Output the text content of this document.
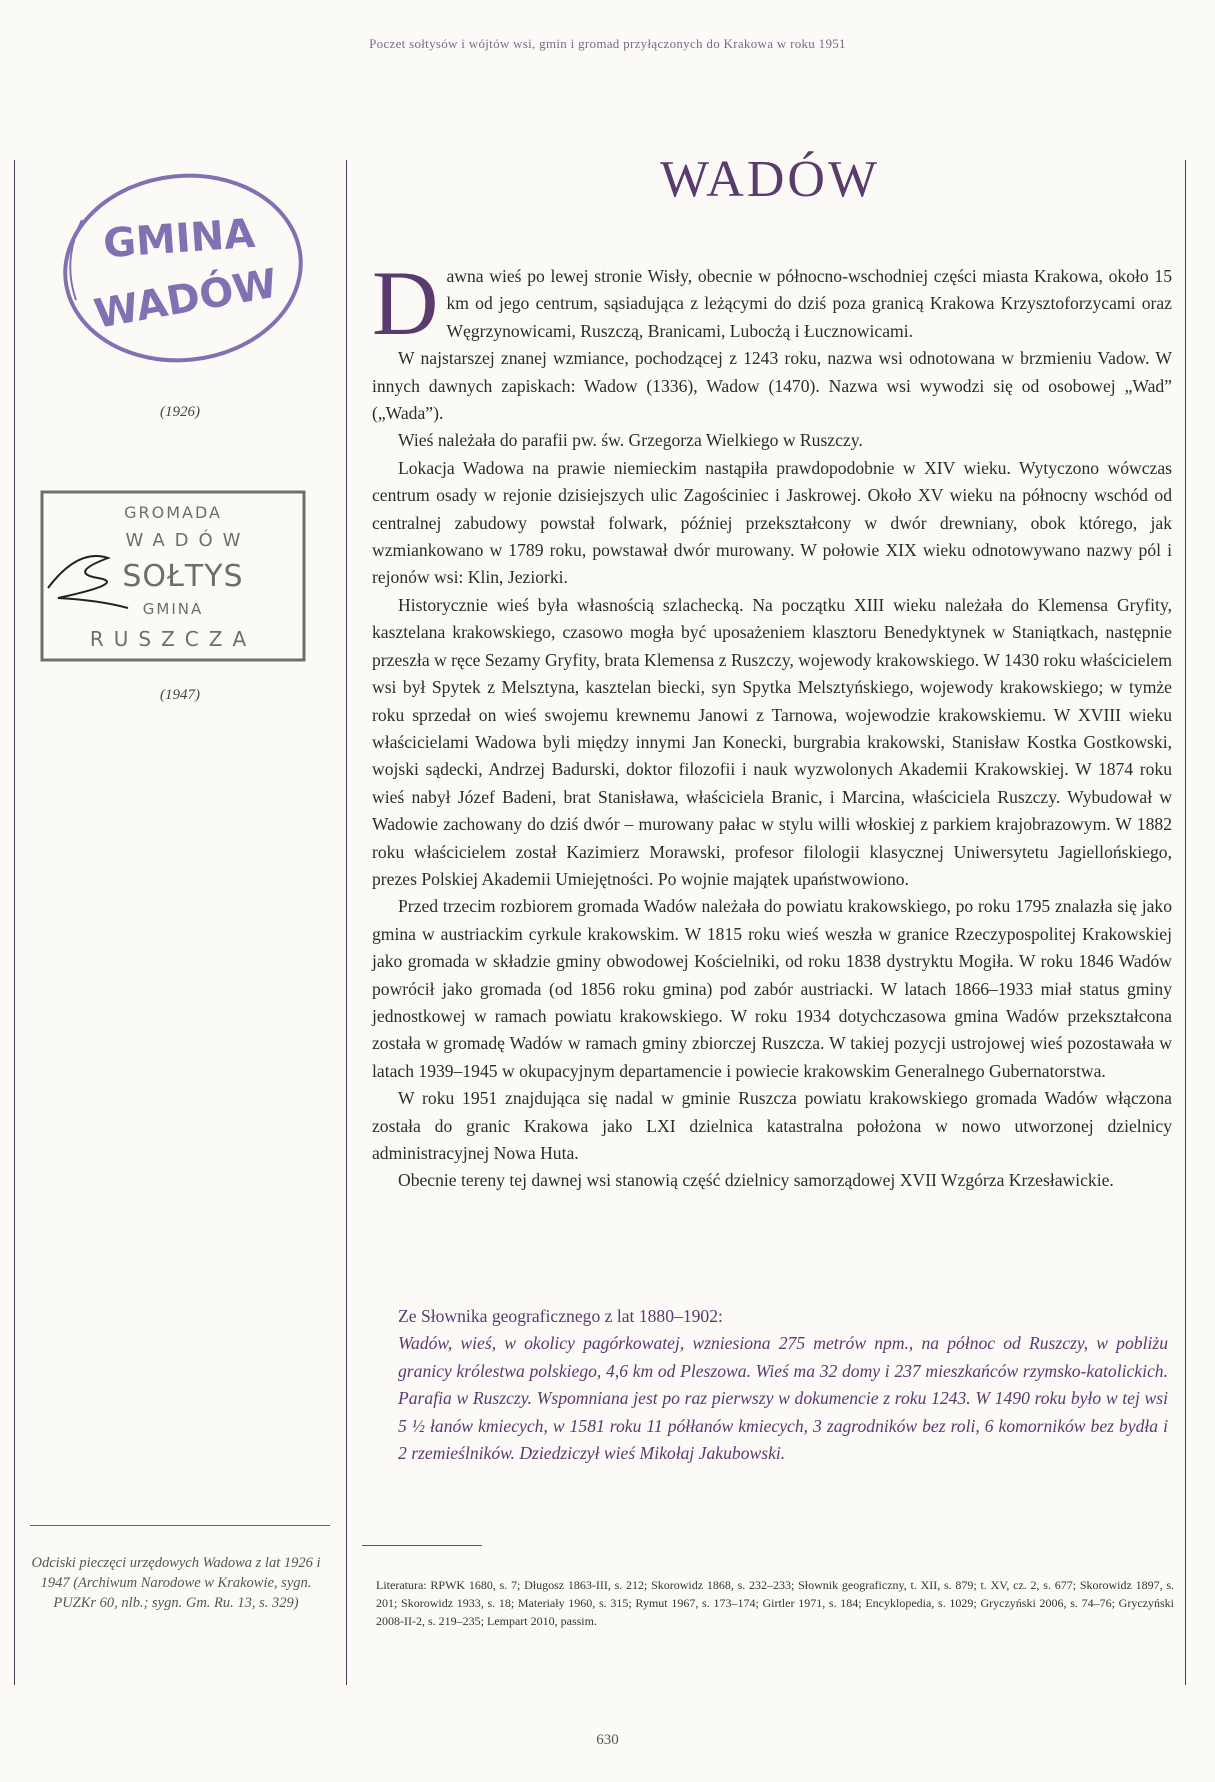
Poczet sołtysów i wójtów wsi, gmin i gromad przyłączonych do Krakowa w roku 1951
GMINA
WADÓW
(1926)
GROMADA
WADÓW
SOŁTYS
GMINA
RUSZCZA
(1947)
Odciski pieczęci urzędowych Wadowa z lat 1926 i 1947 (Archiwum Narodowe w Krakowie, sygn. PUZKr 60, nlb.; sygn. Gm. Ru. 13, s. 329)
WADÓW

Dawna wieś po lewej stronie Wisły, obecnie w północno-wschodniej części miasta Krakowa, około 15 km od jego centrum, sąsiadująca z leżącymi do dziś poza granicą Krakowa Krzysztoforzycami oraz Węgrzynowicami, Ruszczą, Branicami, Lubocżą i Łucznowicami.

W najstarszej znanej wzmiance, pochodzącej z 1243 roku, nazwa wsi odnotowana w brzmieniu Vadow. W innych dawnych zapiskach: Wadow (1336), Wadow (1470). Nazwa wsi wywodzi się od osobowej „Wad” („Wada”).

Wieś należała do parafii pw. św. Grzegorza Wielkiego w Ruszczy.

Lokacja Wadowa na prawie niemieckim nastąpiła prawdopodobnie w XIV wieku. Wytyczono wówczas centrum osady w rejonie dzisiejszych ulic Zagościniec i Jaskrowej. Około XV wieku na północny wschód od centralnej zabudowy powstał folwark, później przekształcony w dwór drewniany, obok którego, jak wzmiankowano w 1789 roku, powstawał dwór murowany. W połowie XIX wieku odnotowywano nazwy pól i rejonów wsi: Klin, Jeziorki.

Historycznie wieś była własnością szlachecką. Na początku XIII wieku należała do Klemensa Gryfity, kasztelana krakowskiego, czasowo mogła być uposażeniem klasztoru Benedyktynek w Staniątkach, następnie przeszła w ręce Sezamy Gryfity, brata Klemensa z Ruszczy, wojewody krakowskiego. W 1430 roku właścicielem wsi był Spytek z Melsztyna, kasztelan biecki, syn Spytka Melsztyńskiego, wojewody krakowskiego; w tymże roku sprzedał on wieś swojemu krewnemu Janowi z Tarnowa, wojewodzie krakowskiemu. W XVIII wieku właścicielami Wadowa byli między innymi Jan Konecki, burgrabia krakowski, Stanisław Kostka Gostkowski, wojski sądecki, Andrzej Badurski, doktor filozofii i nauk wyzwolonych Akademii Krakowskiej. W 1874 roku wieś nabył Józef Badeni, brat Stanisława, właściciela Branic, i Marcina, właściciela Ruszczy. Wybudował w Wadowie zachowany do dziś dwór – murowany pałac w stylu willi włoskiej z parkiem krajobrazowym. W 1882 roku właścicielem został Kazimierz Morawski, profesor filologii klasycznej Uniwersytetu Jagiellońskiego, prezes Polskiej Akademii Umiejętności. Po wojnie majątek upaństwowiono.

Przed trzecim rozbiorem gromada Wadów należała do powiatu krakowskiego, po roku 1795 znalazła się jako gmina w austriackim cyrkule krakowskim. W 1815 roku wieś weszła w granice Rzeczypospolitej Krakowskiej jako gromada w składzie gminy obwodowej Kościelniki, od roku 1838 dystryktu Mogiła. W roku 1846 Wadów powrócił jako gromada (od 1856 roku gmina) pod zabór austriacki. W latach 1866–1933 miał status gminy jednostkowej w ramach powiatu krakowskiego. W roku 1934 dotychczasowa gmina Wadów przekształcona została w gromadę Wadów w ramach gminy zbiorczej Ruszcza. W takiej pozycji ustrojowej wieś pozostawała w latach 1939–1945 w okupacyjnym departamencie i powiecie krakowskim Generalnego Gubernatorstwa.

W roku 1951 znajdująca się nadal w gminie Ruszcza powiatu krakowskiego gromada Wadów włączona została do granic Krakowa jako LXI dzielnica katastralna położona w nowo utworzonej dzielnicy administracyjnej Nowa Huta.

Obecnie tereny tej dawnej wsi stanowią część dzielnicy samorządowej XVII Wzgórza Krzesławickie.

Ze Słownika geograficznego z lat 1880–1902:
Wadów, wieś, w okolicy pagórkowatej, wzniesiona 275 metrów npm., na północ od Ruszczy, w pobliżu granicy królestwa polskiego, 4,6 km od Pleszowa. Wieś ma 32 domy i 237 mieszkańców rzymsko-katolickich. Parafia w Ruszczy. Wspomniana jest po raz pierwszy w dokumencie z roku 1243. W 1490 roku było w tej wsi 5 ½ łanów kmiecych, w 1581 roku 11 półłanów kmiecych, 3 zagrodników bez roli, 6 komorników bez bydła i 2 rzemieślników. Dziedziczył wieś Mikołaj Jakubowski.
Literatura: RPWK 1680, s. 7; Długosz 1863-III, s. 212; Skorowidz 1868, s. 232–233; Słownik geograficzny, t. XII, s. 879; t. XV, cz. 2, s. 677; Skorowidz 1897, s. 201; Skorowidz 1933, s. 18; Materiały 1960, s. 315; Rymut 1967, s. 173–174; Girtler 1971, s. 184; Encyklopedia, s. 1029; Gryczyński 2006, s. 74–76; Gryczyński 2008-II-2, s. 219–235; Lempart 2010, passim.
630
